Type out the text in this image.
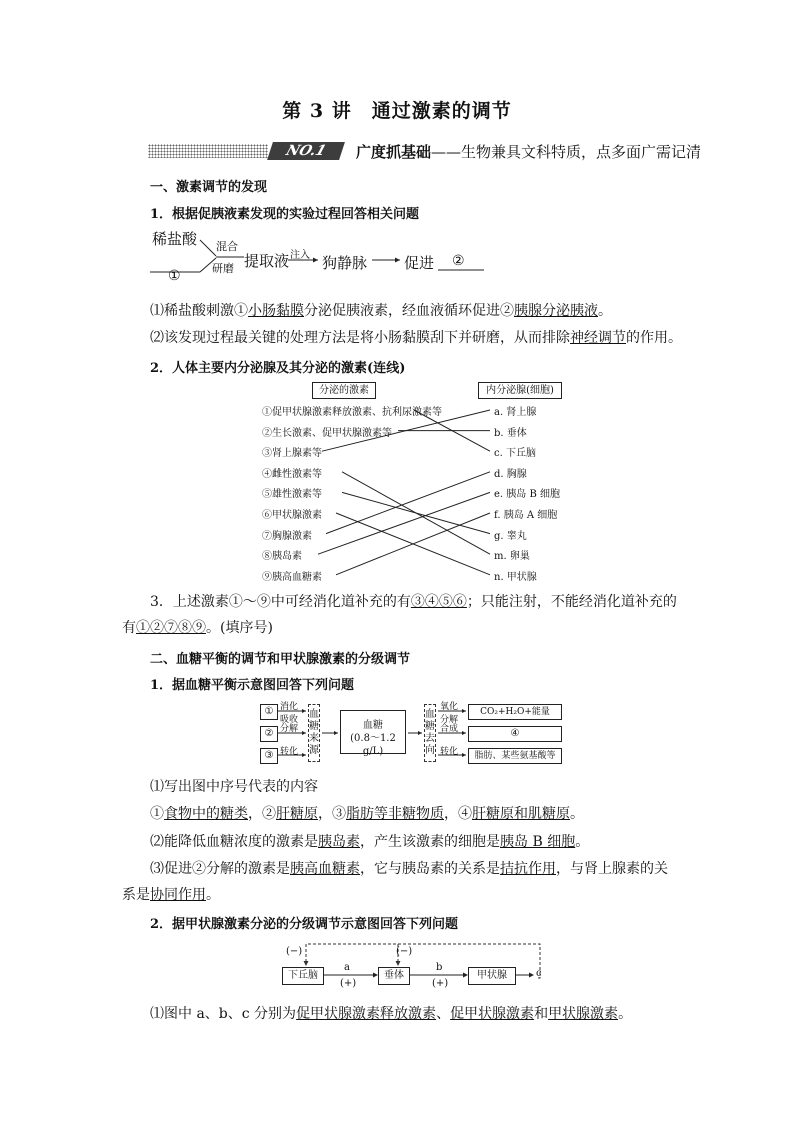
第 3 讲　通过激素的调节
NO.1	广度抓基础——生物兼具文科特质，点多面广需记清
一、激素调节的发现
1．根据促胰液素发现的实验过程回答相关问题
稀盐酸 混合
研磨
①
提取液 注入 狗静脉 促进 ②
⑴稀盐酸刺激①小肠黏膜分泌促胰液素，经血液循环促进②胰腺分泌胰液。
⑵该发现过程最关键的处理方法是将小肠黏膜刮下并研磨，从而排除神经调节的作用。
2．人体主要内分泌腺及其分泌的激素(连线)
分泌的激素	内分泌腺(细胞)
①促甲状腺激素释放激素、抗利尿激素等
②生长激素、促甲状腺激素等
③肾上腺素等
④雌性激素等
⑤雄性激素等
⑥甲状腺激素
⑦胸腺激素
⑧胰岛素
⑨胰高血糖素
a. 肾上腺
b. 垂体
c. 下丘脑
d. 胸腺
e. 胰岛 B 细胞
f. 胰岛 A 细胞
g. 睾丸
m. 卵巢
n. 甲状腺
3．上述激素①～⑨中可经消化道补充的有③④⑤⑥；只能注射，不能经消化道补充的
有①②⑦⑧⑨。(填序号)
二、血糖平衡的调节和甲状腺激素的分级调节
1．据血糖平衡示意图回答下列问题
①
②
③
消化
吸收
分解
转化
血糖来源
血糖
(0.8～1.2 g/L)
血糖去向
氧化
分解
合成
转化
CO₂+H₂O+能量
④
脂肪、某些氨基酸等
⑴写出图中序号代表的内容
①食物中的糖类，②肝糖原，③脂肪等非糖物质，④肝糖原和肌糖原。
⑵能降低血糖浓度的激素是胰岛素，产生该激素的细胞是胰岛 B 细胞。
⑶促进②分解的激素是胰高血糖素，它与胰岛素的关系是拮抗作用，与肾上腺素的关
系是协同作用。
2．据甲状腺激素分泌的分级调节示意图回答下列问题
下丘脑	垂体	甲状腺
(−)	(−)
a
(+)
b
(+)
c
⑴图中 a、b、c 分别为促甲状腺激素释放激素、促甲状腺激素和甲状腺激素。
